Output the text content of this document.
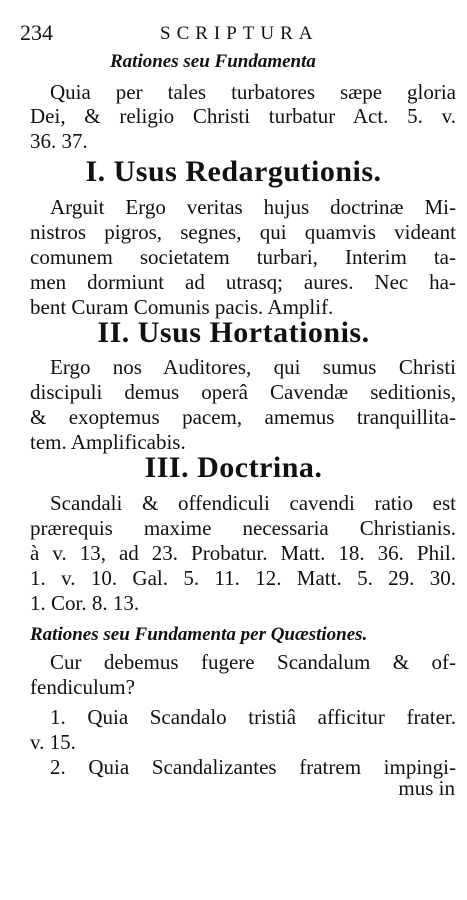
234	SCRIPTURA
Rationes seu Fundamenta
Quia per tales turbatores sæpe gloria
Dei, & religio Christi turbatur Act. 5. v.
36. 37.
I. Usus Redargutionis.
Arguit Ergo veritas hujus doctrinæ Mi-
nistros pigros, segnes, qui quamvis videant
comunem societatem turbari, Interim ta-
men dormiunt ad utrasq; aures. Nec ha-
bent Curam Comunis pacis. Amplif.
II. Usus Hortationis.
Ergo nos Auditores, qui sumus Christi
discipuli demus operâ Cavendæ seditionis,
& exoptemus pacem, amemus tranquillita-
tem. Amplificabis.
III. Doctrina.
Scandali & offendiculi cavendi ratio est
prærequis maxime necessaria Christianis.
à v. 13, ad 23. Probatur. Matt. 18. 36. Phil.
1. v. 10. Gal. 5. 11. 12. Matt. 5. 29. 30.
1. Cor. 8. 13.
Rationes seu Fundamenta per Quæstiones.
Cur debemus fugere Scandalum & of-
fendiculum?
1. Quia Scandalo tristiâ afficitur frater.
v. 15.
2. Quia Scandalizantes fratrem impingi-
mus in
